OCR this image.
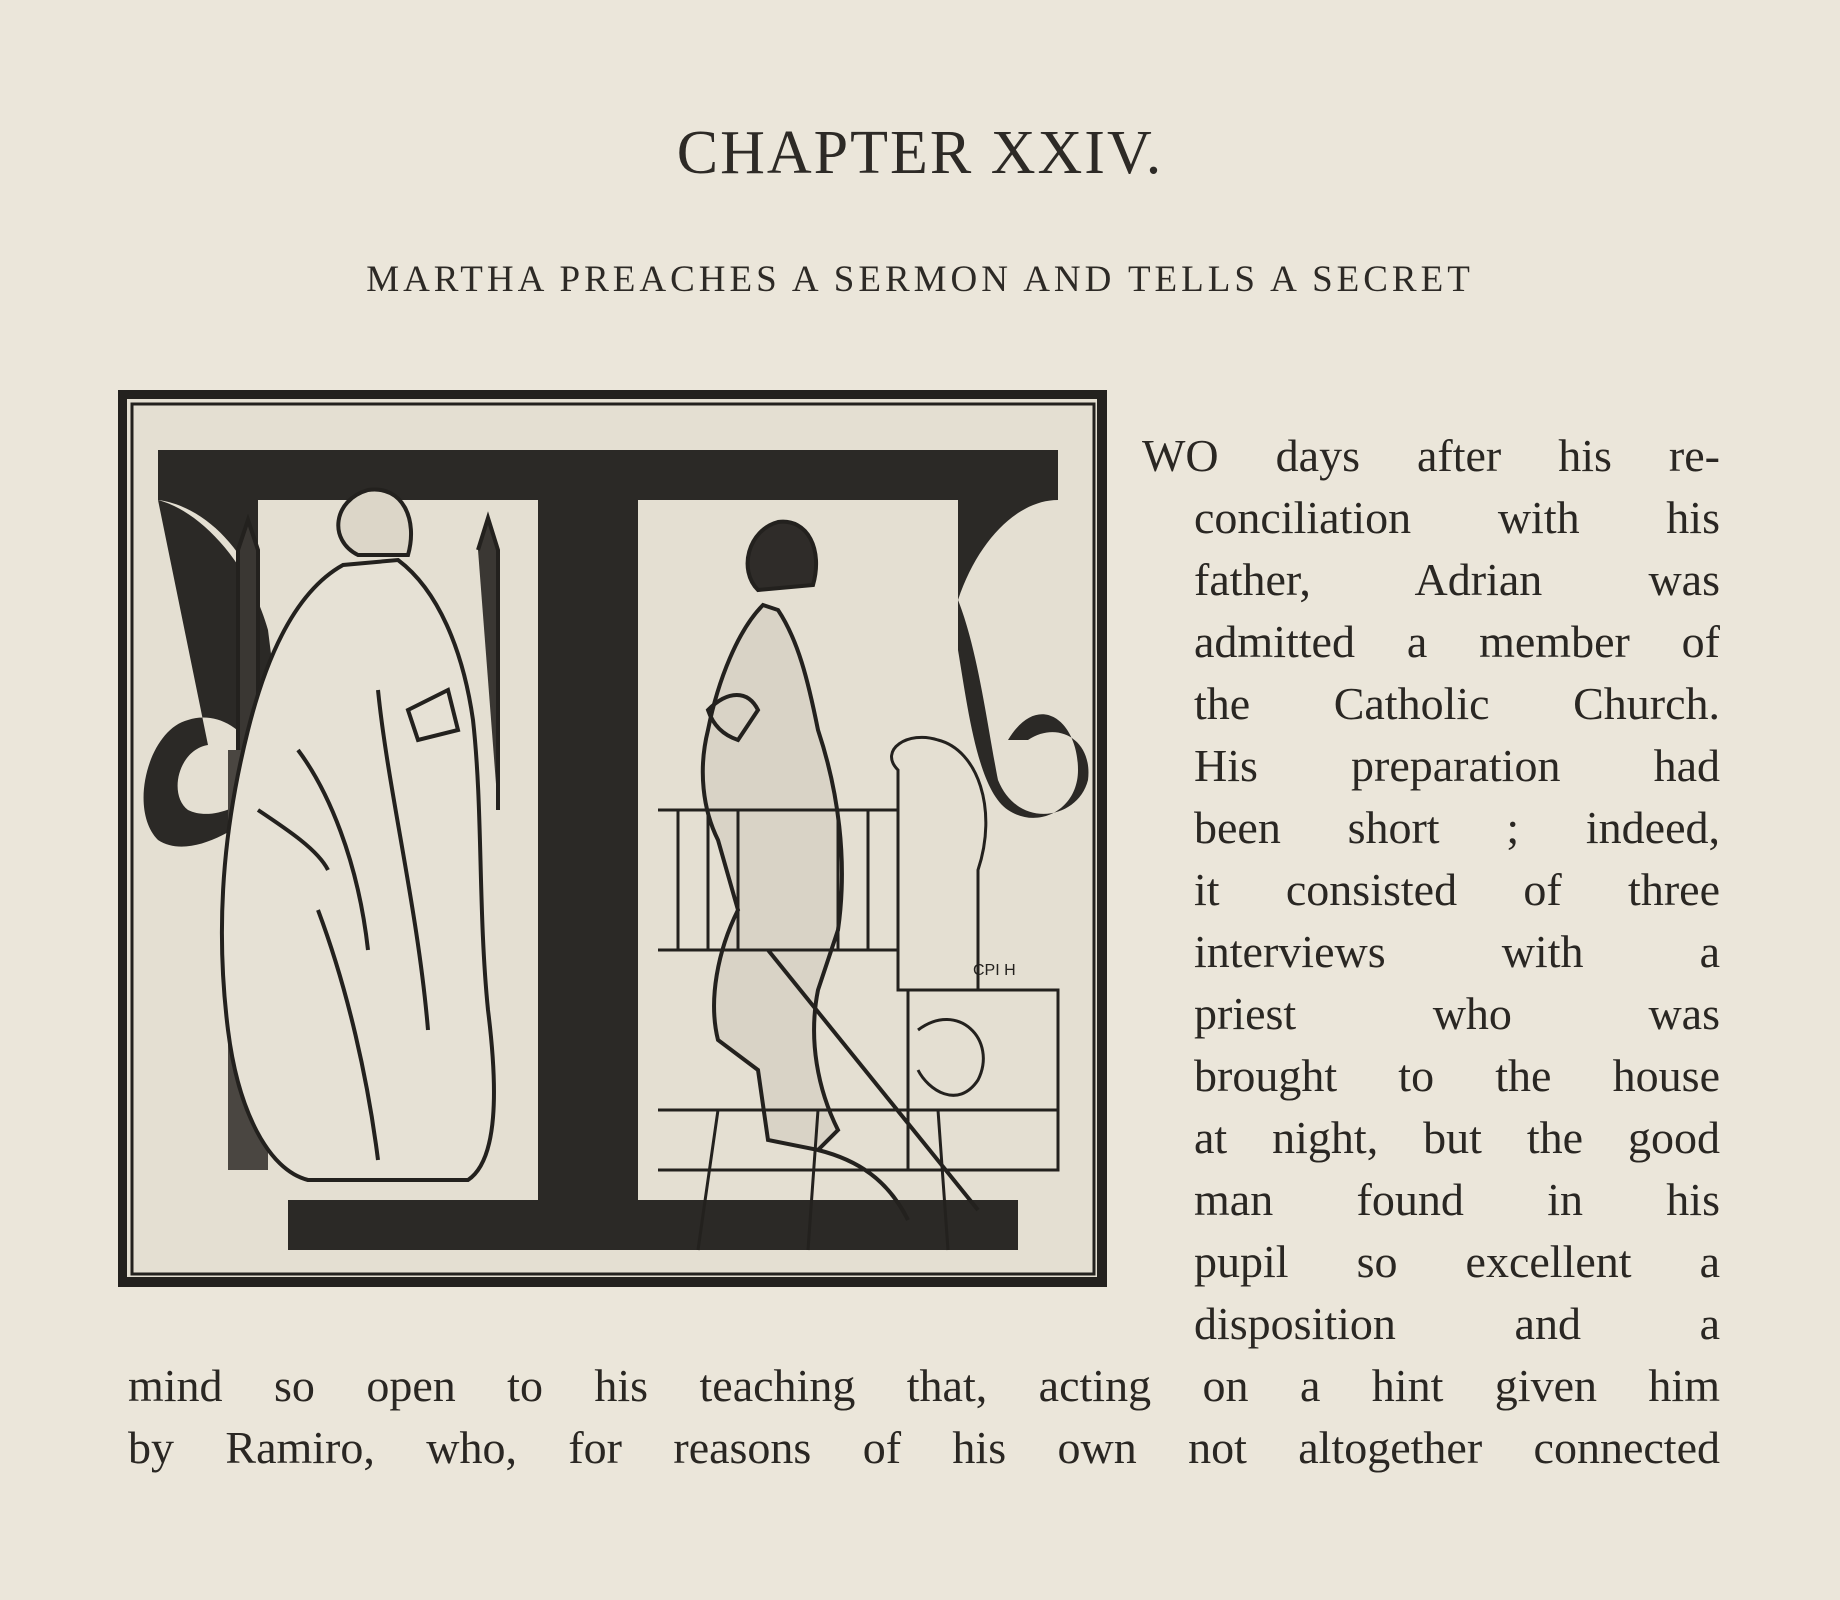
CHAPTER XXIV.
MARTHA PREACHES A SERMON AND TELLS A SECRET
CPI H
WO days after his re-
conciliation with his
father, Adrian was
admitted a member of
the Catholic Church.
His preparation had
been short ; indeed,
it consisted of three
interviews with a
priest who was
brought to the house
at night, but the good
man found in his
pupil so excellent a
disposition and a
mind so open to his teaching that, acting on a hint given him
by Ramiro, who, for reasons of his own not altogether connected
